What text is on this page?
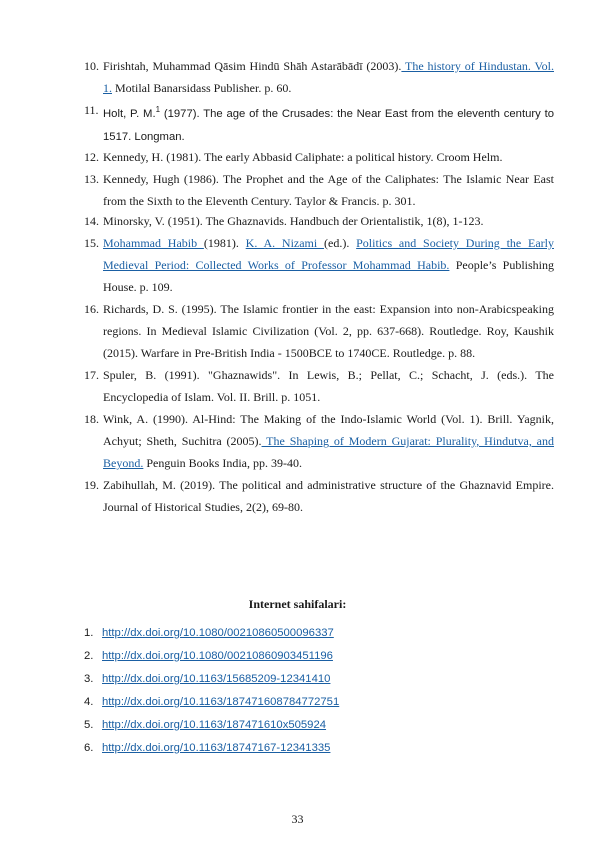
10. Firishtah, Muhammad Qāsim Hindū Shāh Astarābādī (2003). The history of Hindustan. Vol. 1. Motilal Banarsidass Publisher. p. 60.
11. Holt, P. M.$^1$ (1977). The age of the Crusades: the Near East from the eleventh century to 1517. Longman.
12. Kennedy, H. (1981). The early Abbasid Caliphate: a political history. Croom Helm.
13. Kennedy, Hugh (1986). The Prophet and the Age of the Caliphates: The Islamic Near East from the Sixth to the Eleventh Century. Taylor & Francis. p. 301.
14. Minorsky, V. (1951). The Ghaznavids. Handbuch der Orientalistik, 1(8), 1-123.
15. Mohammad Habib (1981). K. A. Nizami (ed.). Politics and Society During the Early Medieval Period: Collected Works of Professor Mohammad Habib. People’s Publishing House. p. 109.
16. Richards, D. S. (1995). The Islamic frontier in the east: Expansion into non-Arabicspeaking regions. In Medieval Islamic Civilization (Vol. 2, pp. 637-668). Routledge. Roy, Kaushik (2015). Warfare in Pre-British India - 1500BCE to 1740CE. Routledge. p. 88.
17. Spuler, B. (1991). "Ghaznawids". In Lewis, B.; Pellat, C.; Schacht, J. (eds.). The Encyclopedia of Islam. Vol. II. Brill. p. 1051.
18. Wink, A. (1990). Al-Hind: The Making of the Indo-Islamic World (Vol. 1). Brill. Yagnik, Achyut; Sheth, Suchitra (2005). The Shaping of Modern Gujarat: Plurality, Hindutva, and Beyond. Penguin Books India, pp. 39-40.
19. Zabihullah, M. (2019). The political and administrative structure of the Ghaznavid Empire. Journal of Historical Studies, 2(2), 69-80.
Internet sahifalari:
1. http://dx.doi.org/10.1080/00210860500096337
2. http://dx.doi.org/10.1080/00210860903451196
3. http://dx.doi.org/10.1163/15685209-12341410
4. http://dx.doi.org/10.1163/187471608784772751
5. http://dx.doi.org/10.1163/187471610x505924
6. http://dx.doi.org/10.1163/18747167-12341335
33
